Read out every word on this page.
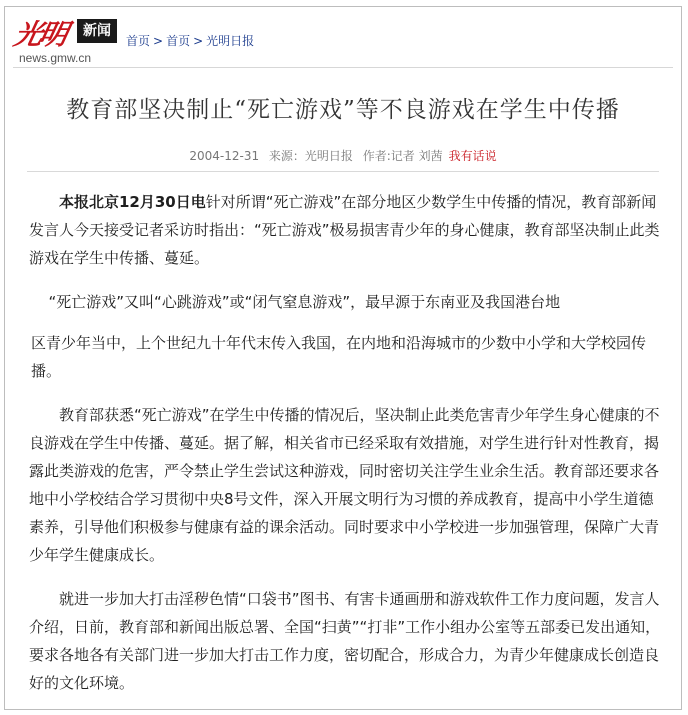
光明	新闻
news.gmw.cn
首页 > 首页 > 光明日报
教育部坚决制止“死亡游戏”等不良游戏在学生中传播
2004-12-31 来源：光明日报 作者:记者 刘茜 我有话说

本报北京12月30日电针对所谓“死亡游戏”在部分地区少数学生中传播的情况，教育部新闻发言人今天接受记者采访时指出：“死亡游戏”极易损害青少年的身心健康，教育部坚决制止此类游戏在学生中传播、蔓延。

“死亡游戏”又叫“心跳游戏”或“闭气窒息游戏”，最早源于东南亚及我国港台地

区青少年当中，上个世纪九十年代末传入我国，在内地和沿海城市的少数中小学和大学校园传播。

教育部获悉“死亡游戏”在学生中传播的情况后，坚决制止此类危害青少年学生身心健康的不良游戏在学生中传播、蔓延。据了解，相关省市已经采取有效措施，对学生进行针对性教育，揭露此类游戏的危害，严令禁止学生尝试这种游戏，同时密切关注学生业余生活。教育部还要求各地中小学校结合学习贯彻中央8号文件，深入开展文明行为习惯的养成教育，提高中小学生道德素养，引导他们积极参与健康有益的课余活动。同时要求中小学校进一步加强管理，保障广大青少年学生健康成长。

就进一步加大打击淫秽色情“口袋书”图书、有害卡通画册和游戏软件工作力度问题，发言人介绍，日前，教育部和新闻出版总署、全国“扫黄”“打非”工作小组办公室等五部委已发出通知，要求各地各有关部门进一步加大打击工作力度，密切配合，形成合力，为青少年健康成长创造良好的文化环境。
